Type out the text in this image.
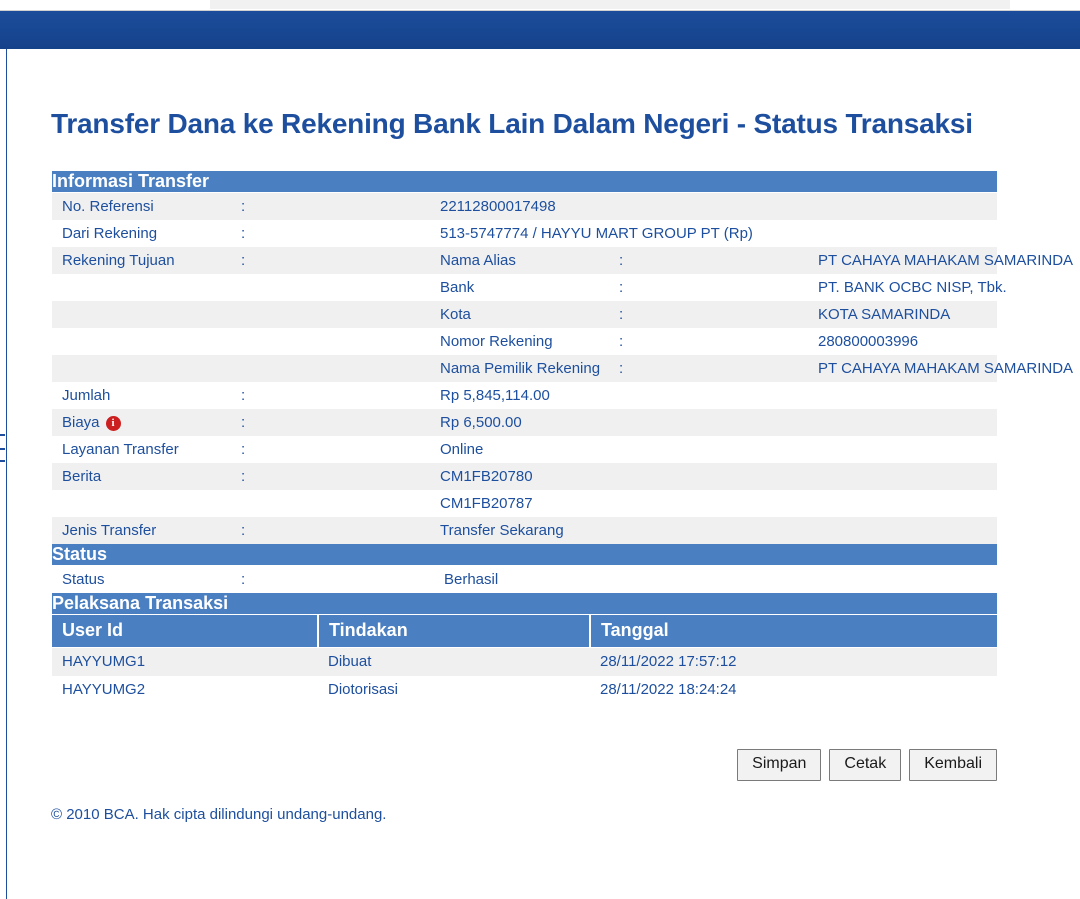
Transfer Dana ke Rekening Bank Lain Dalam Negeri - Status Transaksi
Informasi Transfer				
No. Referensi	:	22112800017498		
Dari Rekening	:	513-5747774 / HAYYU MART GROUP PT (Rp)		
Rekening Tujuan	:	Nama Alias	:	PT CAHAYA MAHAKAM SAMARINDA
		Bank	:	PT. BANK OCBC NISP, Tbk.
		Kota	:	KOTA SAMARINDA
		Nomor Rekening	:	280800003996
		Nama Pemilik Rekening	:	PT CAHAYA MAHAKAM SAMARINDA
Jumlah	:	Rp 5,845,114.00		
Biaya i	:	Rp 6,500.00		
Layanan Transfer	:	Online		
Berita	:	CM1FB20780		
		CM1FB20787		
Jenis Transfer	:	Transfer Sekarang		
Status				
Status	:	Berhasil		
Pelaksana Transaksi				
User Id	Tindakan	Tanggal
HAYYUMG1	Dibuat	28/11/2022 17:57:12
HAYYUMG2	Diotorisasi	28/11/2022 18:24:24
Simpan	Cetak	Kembali
© 2010 BCA. Hak cipta dilindungi undang-undang.
